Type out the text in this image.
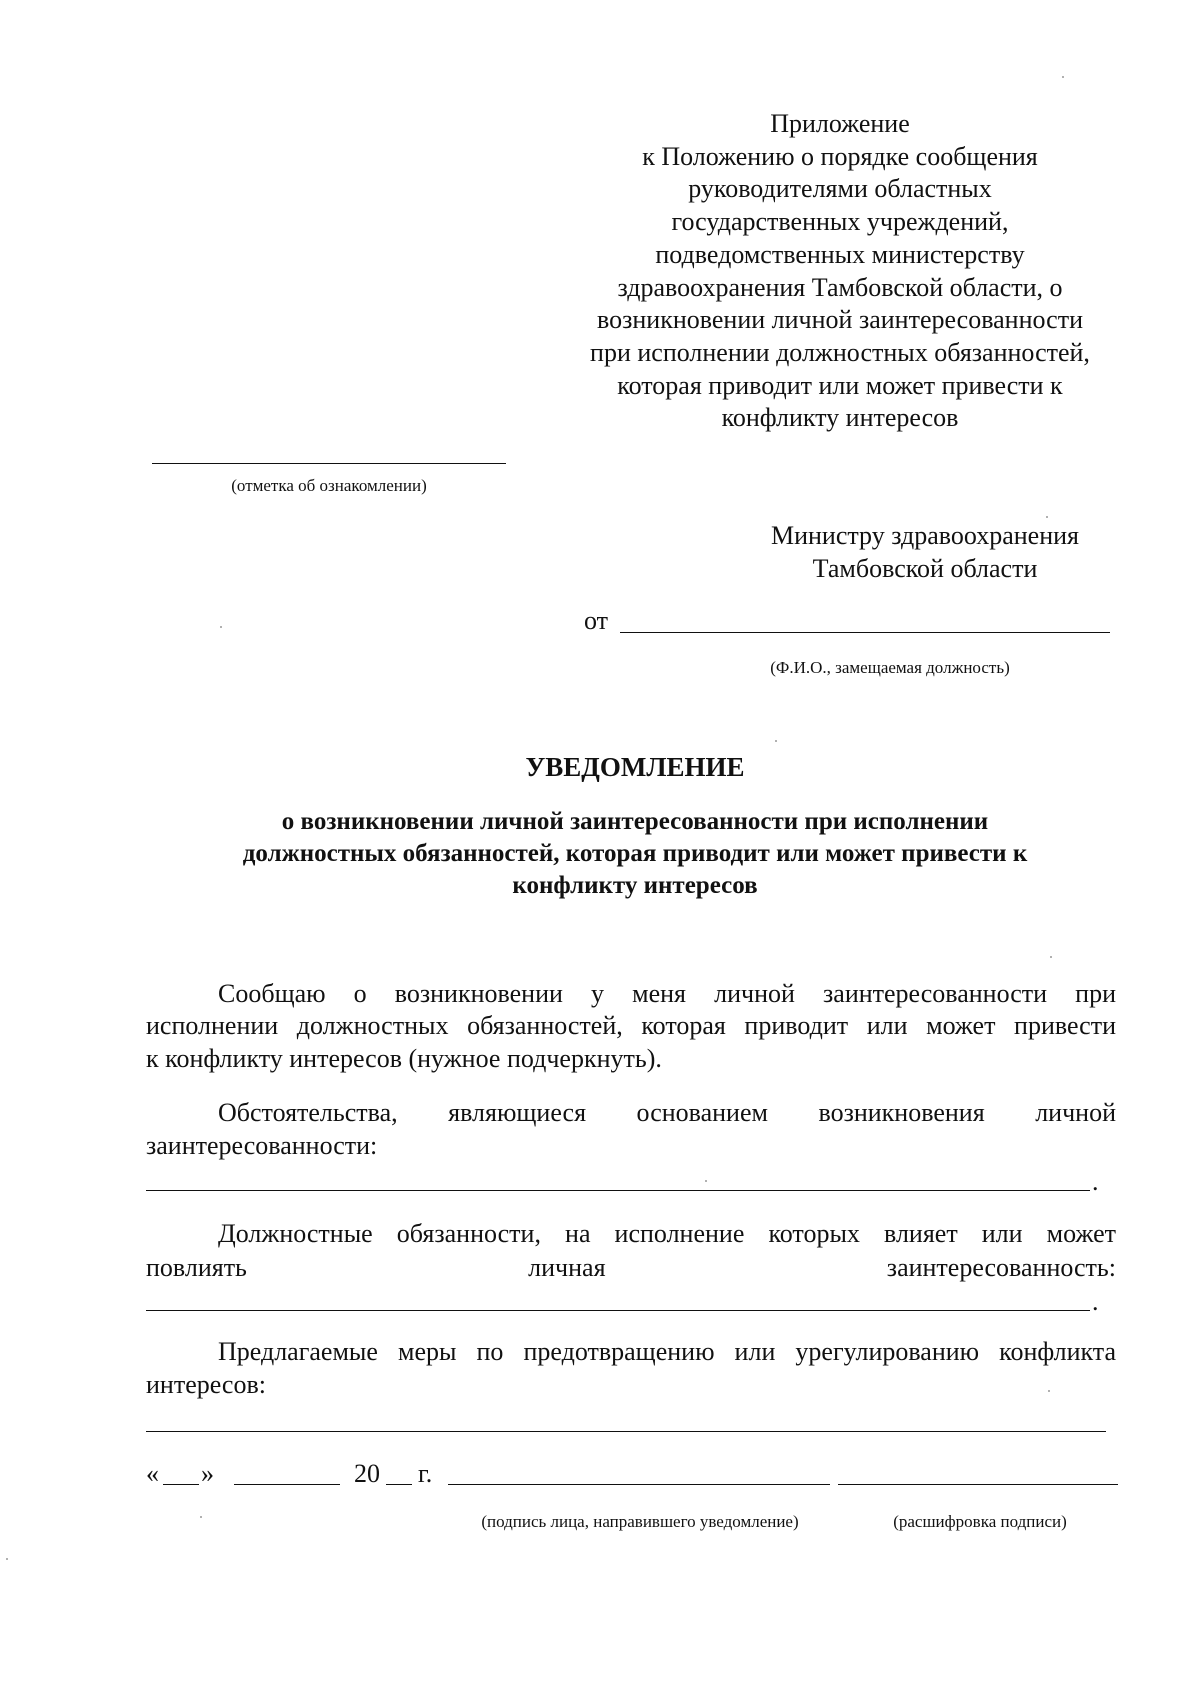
Приложение
к Положению о порядке сообщения
руководителями областных
государственных учреждений,
подведомственных министерству
здравоохранения Тамбовской области, о
возникновении личной заинтересованности
при исполнении должностных обязанностей,
которая приводит или может привести к
конфликту интересов
(отметка об ознакомлении)
Министру здравоохранения
Тамбовской области
от
(Ф.И.О., замещаемая должность)
УВЕДОМЛЕНИЕ
о возникновении личной заинтересованности при исполнении
должностных обязанностей, которая приводит или может привести к
конфликту интересов
Сообщаю о возникновении у меня личной заинтересованности при
исполнении должностных обязанностей, которая приводит или может привести
к конфликту интересов (нужное подчеркнуть).
Обстоятельства, являющиеся основанием возникновения личной
заинтересованности:
.
Должностные обязанности, на исполнение которых влияет или может
повлиять личная заинтересованность:
.
Предлагаемые меры по предотвращению или урегулированию конфликта
интересов:
« »	20 г.
(подпись лица, направившего уведомление)	(расшифровка подписи)
